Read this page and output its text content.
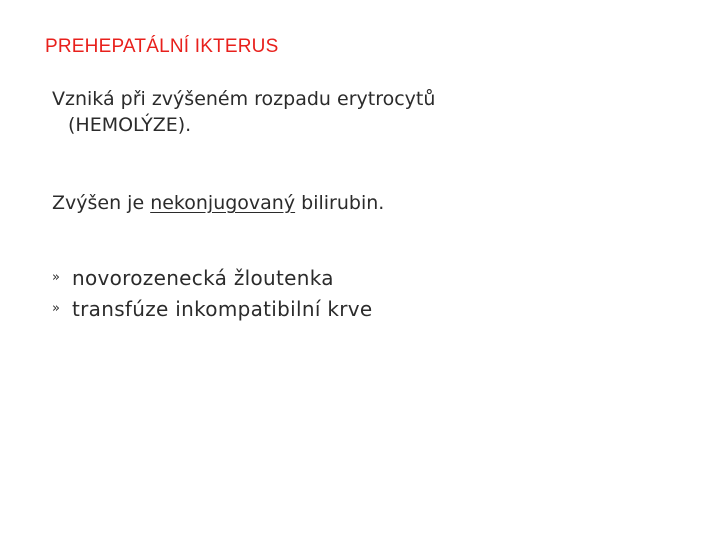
PREHEPATÁLNÍ IKTERUS
Vzniká při zvýšeném rozpadu erytrocytů
(HEMOLÝZE).
Zvýšen je nekonjugovaný bilirubin.
» novorozenecká žloutenka
» transfúze inkompatibilní krve
